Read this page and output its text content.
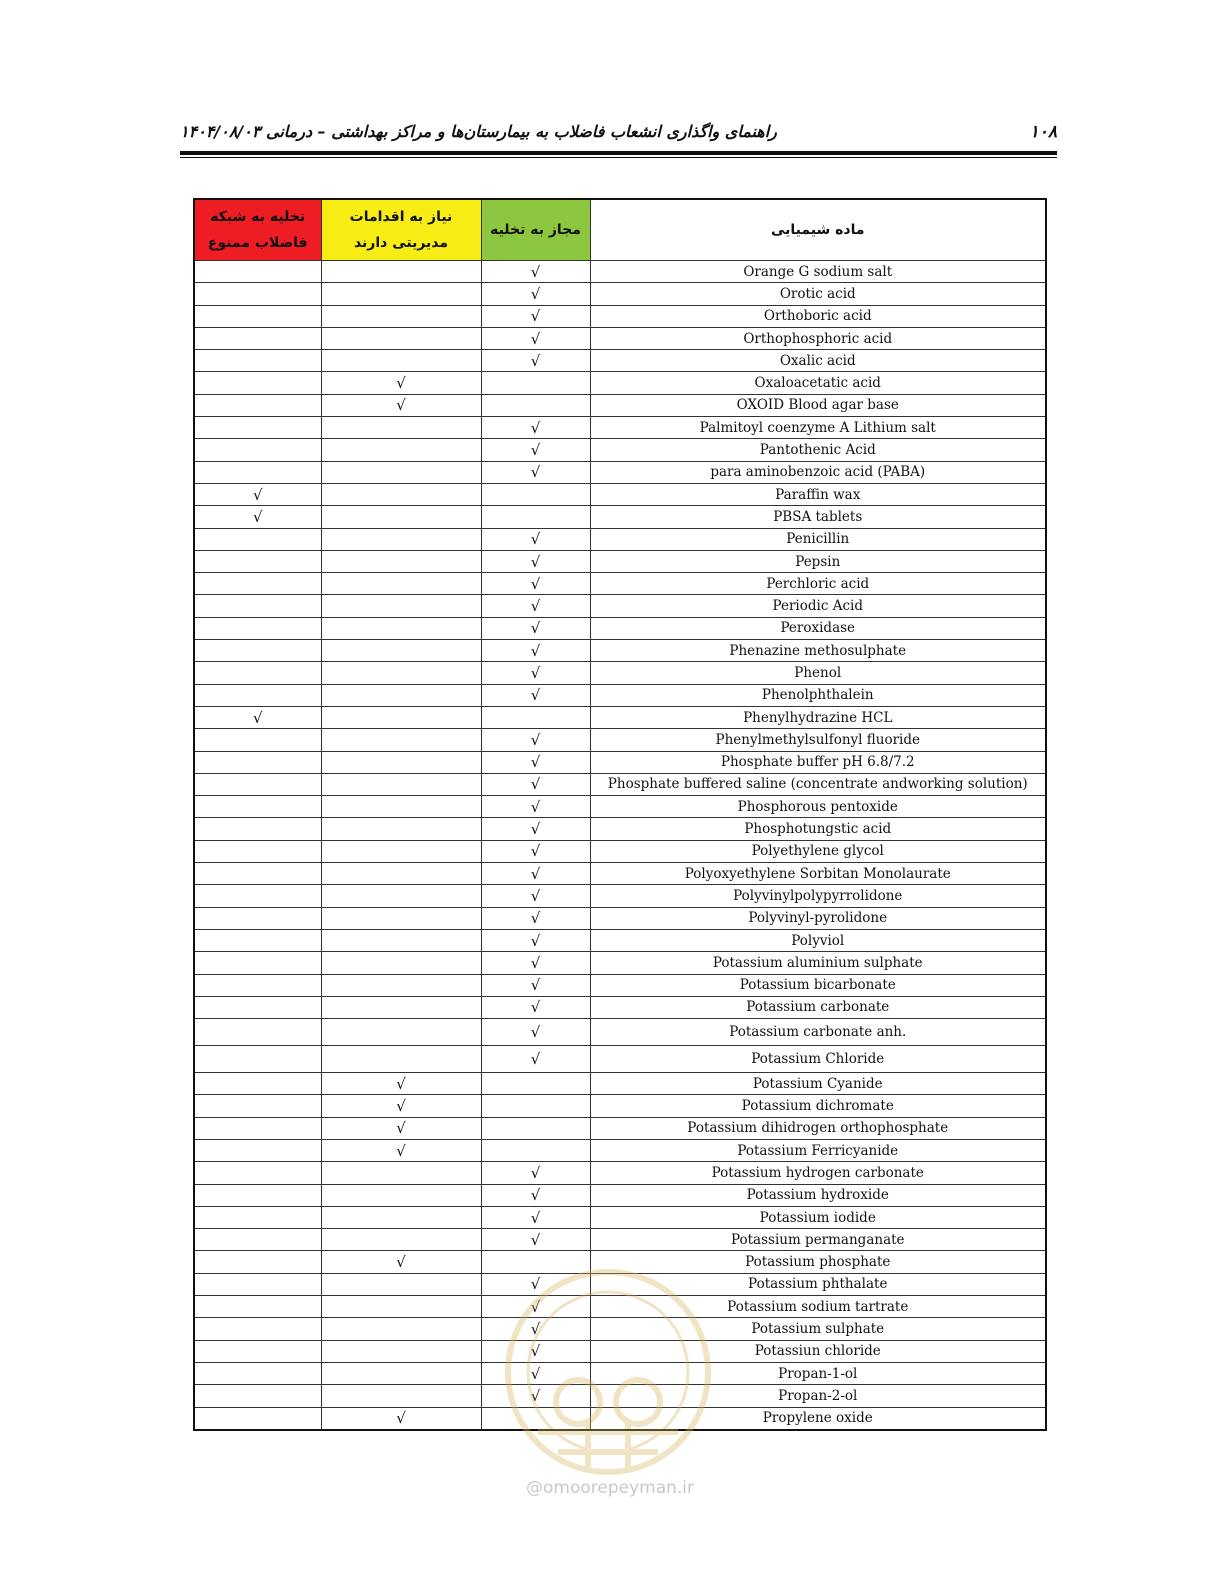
راهنمای واگذاری انشعاب فاضلاب به بیمارستان‌ها و مراکز بهداشتی – درمانی ۱۴۰۴/۰۸/۰۳	۱۰۸
تخلیه به شبکه فاضلاب ممنوع	نیاز به اقدامات مدیریتی دارند	مجاز به تخلیه	ماده شیمیایی
		√	Orange G sodium salt
		√	Orotic acid
		√	Orthoboric acid
		√	Orthophosphoric acid
		√	Oxalic acid
	√		Oxaloacetatic acid
	√		OXOID Blood agar base
		√	Palmitoyl coenzyme A Lithium salt
		√	Pantothenic Acid
		√	para aminobenzoic acid (PABA)
√			Paraffin wax
√			PBSA tablets
		√	Penicillin
		√	Pepsin
		√	Perchloric acid
		√	Periodic Acid
		√	Peroxidase
		√	Phenazine methosulphate
		√	Phenol
		√	Phenolphthalein
√			Phenylhydrazine HCL
		√	Phenylmethylsulfonyl fluoride
		√	Phosphate buffer pH 6.8/7.2
		√	Phosphate buffered saline (concentrate andworking solution)
		√	Phosphorous pentoxide
		√	Phosphotungstic acid
		√	Polyethylene glycol
		√	Polyoxyethylene Sorbitan Monolaurate
		√	Polyvinylpolypyrrolidone
		√	Polyvinyl-pyrolidone
		√	Polyviol
		√	Potassium aluminium sulphate
		√	Potassium bicarbonate
		√	Potassium carbonate
		√	Potassium carbonate anh.
		√	Potassium Chloride
	√		Potassium Cyanide
	√		Potassium dichromate
	√		Potassium dihidrogen orthophosphate
	√		Potassium Ferricyanide
		√	Potassium hydrogen carbonate
		√	Potassium hydroxide
		√	Potassium iodide
		√	Potassium permanganate
	√		Potassium phosphate
		√	Potassium phthalate
		√	Potassium sodium tartrate
		√	Potassium sulphate
		√	Potassiun chloride
		√	Propan-1-ol
		√	Propan-2-ol
	√		Propylene oxide
@omoorepeyman.ir
